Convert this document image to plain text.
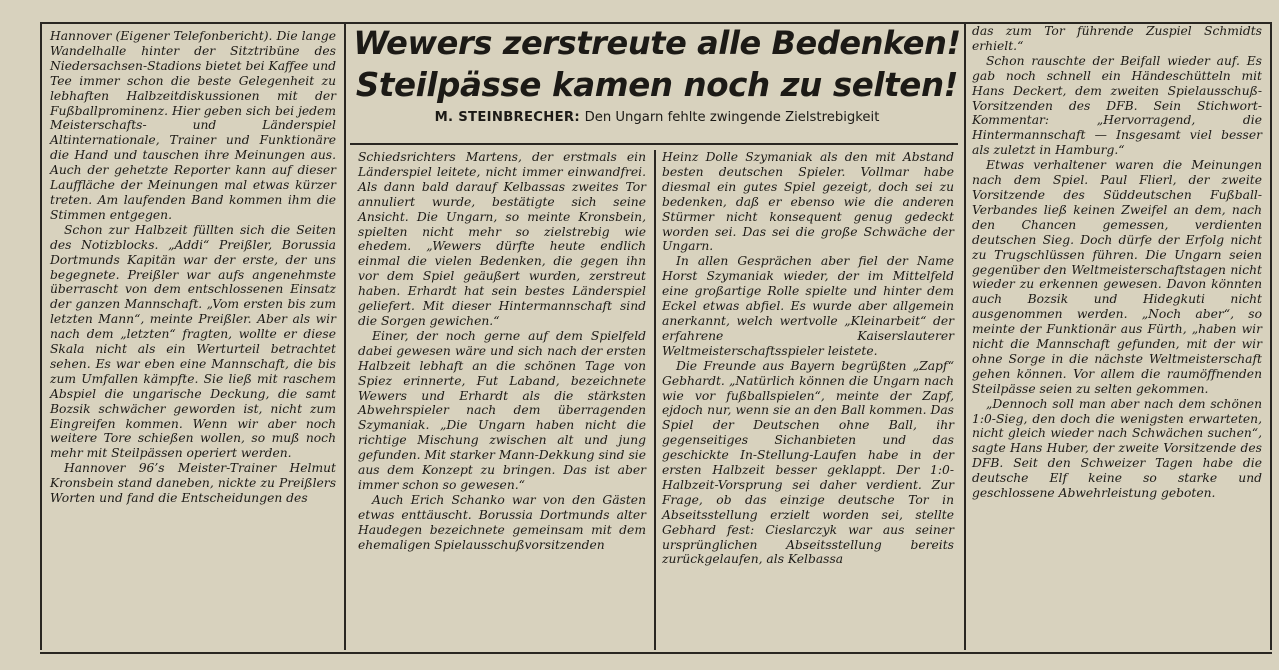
Wewers zerstreute alle Bedenken!
Steilpässe kamen noch zu selten!
M. STEINBRECHER: Den Ungarn fehlte zwingende Zielstrebigkeit

Hannover (Eigener Telefonbericht). Die lange Wandelhalle hinter der Sitztribüne des Niedersachsen-Stadions bietet bei Kaffee und Tee immer schon die beste Gelegenheit zu lebhaften Halbzeitdiskussionen mit der Fußballprominenz. Hier geben sich bei jedem Meisterschafts- und Länderspiel Altinternationale, Trainer und Funktionäre die Hand und tauschen ihre Meinungen aus. Auch der gehetzte Reporter kann auf dieser Lauffläche der Meinungen mal etwas kürzer treten. Am laufenden Band kommen ihm die Stimmen entgegen.

Schon zur Halbzeit füllten sich die Seiten des Notizblocks. „Addi“ Preißler, Borussia Dortmunds Kapitän war der erste, der uns begegnete. Preißler war aufs angenehmste überrascht von dem entschlossenen Einsatz der ganzen Mannschaft. „Vom ersten bis zum letzten Mann“, meinte Preißler. Aber als wir nach dem „letzten“ fragten, wollte er diese Skala nicht als ein Werturteil betrachtet sehen. Es war eben eine Mannschaft, die bis zum Umfallen kämpfte. Sie ließ mit raschem Abspiel die ungarische Deckung, die samt Bozsik schwächer geworden ist, nicht zum Eingreifen kommen. Wenn wir aber noch weitere Tore schießen wollen, so muß noch mehr mit Steilpässen operiert werden.

Hannover 96’s Meister-Trainer Helmut Kronsbein stand daneben, nickte zu Preißlers Worten und fand die Entscheidungen des

Schiedsrichters Martens, der erstmals ein Länderspiel leitete, nicht immer einwandfrei. Als dann bald darauf Kelbassas zweites Tor annuliert wurde, bestätigte sich seine Ansicht. Die Ungarn, so meinte Kronsbein, spielten nicht mehr so zielstrebig wie ehedem. „Wewers dürfte heute endlich einmal die vielen Bedenken, die gegen ihn vor dem Spiel geäußert wurden, zerstreut haben. Erhardt hat sein bestes Länderspiel geliefert. Mit dieser Hintermannschaft sind die Sorgen gewichen.“

Einer, der noch gerne auf dem Spielfeld dabei gewesen wäre und sich nach der ersten Halbzeit lebhaft an die schönen Tage von Spiez erinnerte, Fut Laband, bezeichnete Wewers und Erhardt als die stärksten Abwehrspieler nach dem überragenden Szymaniak. „Die Ungarn haben nicht die richtige Mischung zwischen alt und jung gefunden. Mit starker Mann-Dekkung sind sie aus dem Konzept zu bringen. Das ist aber immer schon so gewesen.“

Auch Erich Schanko war von den Gästen etwas enttäuscht. Borussia Dortmunds alter Haudegen bezeichnete gemeinsam mit dem ehemaligen Spielausschußvorsitzenden

Heinz Dolle Szymaniak als den mit Abstand besten deutschen Spieler. Vollmar habe diesmal ein gutes Spiel gezeigt, doch sei zu bedenken, daß er ebenso wie die anderen Stürmer nicht konsequent genug gedeckt worden sei. Das sei die große Schwäche der Ungarn.

In allen Gesprächen aber fiel der Name Horst Szymaniak wieder, der im Mittelfeld eine großartige Rolle spielte und hinter dem Eckel etwas abfiel. Es wurde aber allgemein anerkannt, welch wertvolle „Kleinarbeit“ der erfahrene Kaiserslauterer Weltmeisterschaftsspieler leistete.

Die Freunde aus Bayern begrüßten „Zapf“ Gebhardt. „Natürlich können die Ungarn nach wie vor fußballspielen“, meinte der Zapf, ejdoch nur, wenn sie an den Ball kommen. Das Spiel der Deutschen ohne Ball, ihr gegenseitiges Sichanbieten und das geschickte In-Stellung-Laufen habe in der ersten Halbzeit besser geklappt. Der 1:0-Halbzeit-Vorsprung sei daher verdient. Zur Frage, ob das einzige deutsche Tor in Abseitsstellung erzielt worden sei, stellte Gebhard fest: Cieslarczyk war aus seiner ursprünglichen Abseitsstellung bereits zurückgelaufen, als Kelbassa

das zum Tor führende Zuspiel Schmidts erhielt.“

Schon rauschte der Beifall wieder auf. Es gab noch schnell ein Händeschütteln mit Hans Deckert, dem zweiten Spielausschuß-Vorsitzenden des DFB. Sein Stichwort-Kommentar: „Hervorragend, die Hintermannschaft — Insgesamt viel besser als zuletzt in Hamburg.“

Etwas verhaltener waren die Meinungen nach dem Spiel. Paul Flierl, der zweite Vorsitzende des Süddeutschen Fußball-Verbandes ließ keinen Zweifel an dem, nach den Chancen gemessen, verdienten deutschen Sieg. Doch dürfe der Erfolg nicht zu Trugschlüssen führen. Die Ungarn seien gegenüber den Weltmeisterschaftstagen nicht wieder zu erkennen gewesen. Davon könnten auch Bozsik und Hidegkuti nicht ausgenommen werden. „Noch aber“, so meinte der Funktionär aus Fürth, „haben wir nicht die Mannschaft gefunden, mit der wir ohne Sorge in die nächste Weltmeisterschaft gehen können. Vor allem die raumöffnenden Steilpässe seien zu selten gekommen.

„Dennoch soll man aber nach dem schönen 1:0-Sieg, den doch die wenigsten erwarteten, nicht gleich wieder nach Schwächen suchen“, sagte Hans Huber, der zweite Vorsitzende des DFB. Seit den Schweizer Tagen habe die deutsche Elf keine so starke und geschlossene Abwehrleistung geboten.
